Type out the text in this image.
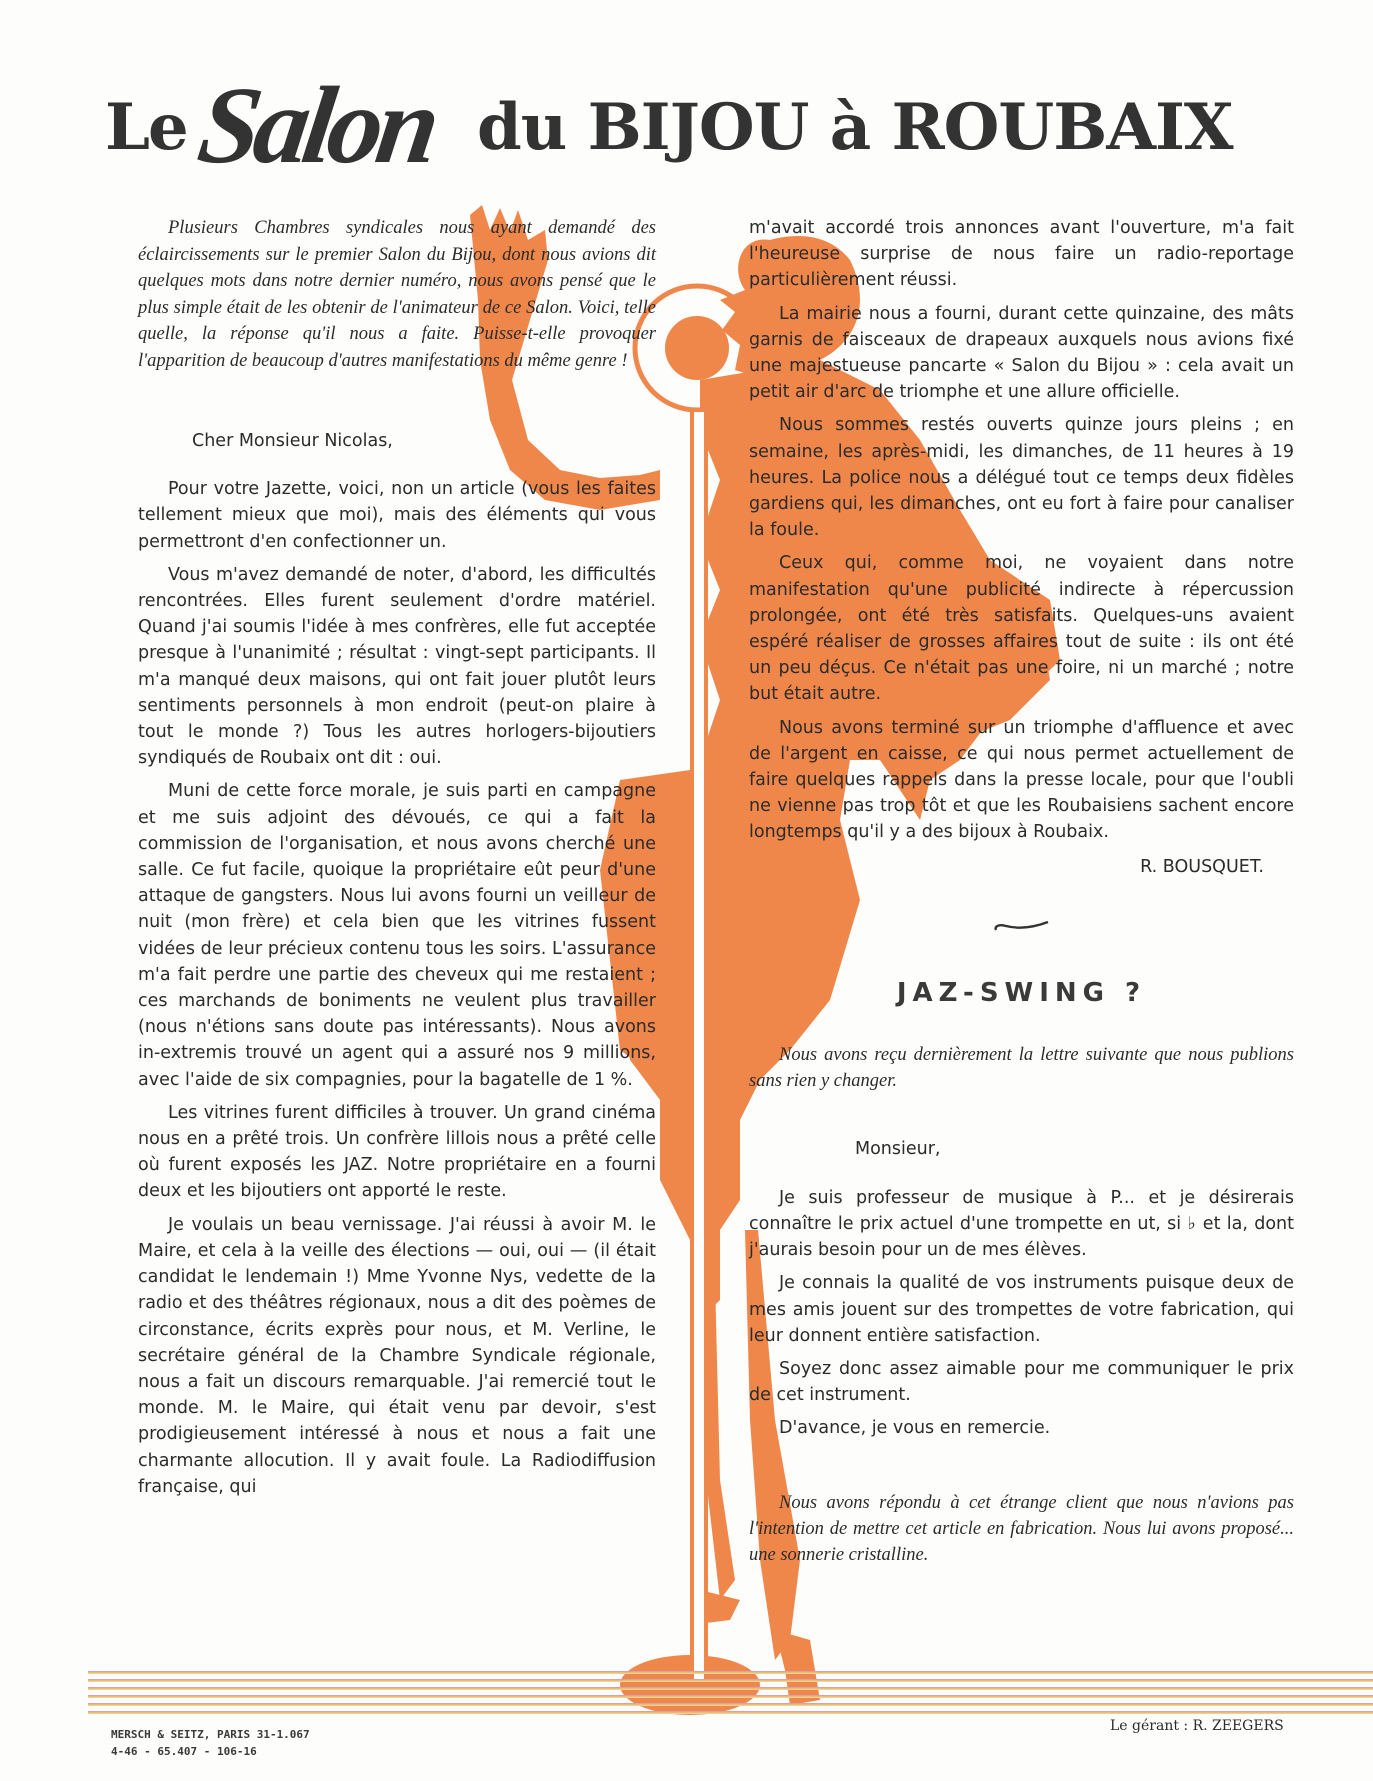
Le Salon du BIJOU à ROUBAIX

Plusieurs Chambres syndicales nous ayant demandé des éclaircissements sur le premier Salon du Bijou, dont nous avions dit quelques mots dans notre dernier numéro, nous avons pensé que le plus simple était de les obtenir de l'animateur de ce Salon. Voici, telle quelle, la réponse qu'il nous a faite. Puisse-t-elle provoquer l'apparition de beaucoup d'autres manifestations du même genre !

Cher Monsieur Nicolas,

Pour votre Jazette, voici, non un article (vous les faites tellement mieux que moi), mais des éléments qui vous permettront d'en confectionner un.

Vous m'avez demandé de noter, d'abord, les difficultés rencontrées. Elles furent seulement d'ordre matériel. Quand j'ai soumis l'idée à mes confrères, elle fut acceptée presque à l'unanimité ; résultat : vingt-sept participants. Il m'a manqué deux maisons, qui ont fait jouer plutôt leurs sentiments personnels à mon endroit (peut-on plaire à tout le monde ?) Tous les autres horlogers-bijoutiers syndiqués de Roubaix ont dit : oui.

Muni de cette force morale, je suis parti en campagne et me suis adjoint des dévoués, ce qui a fait la commission de l'organisation, et nous avons cherché une salle. Ce fut facile, quoique la propriétaire eût peur d'une attaque de gangsters. Nous lui avons fourni un veilleur de nuit (mon frère) et cela bien que les vitrines fussent vidées de leur précieux contenu tous les soirs. L'assurance m'a fait perdre une partie des cheveux qui me restaient ; ces marchands de boniments ne veulent plus travailler (nous n'étions sans doute pas intéressants). Nous avons in-extremis trouvé un agent qui a assuré nos 9 millions, avec l'aide de six compagnies, pour la bagatelle de 1 %.

Les vitrines furent difficiles à trouver. Un grand cinéma nous en a prêté trois. Un confrère lillois nous a prêté celle où furent exposés les JAZ. Notre propriétaire en a fourni deux et les bijoutiers ont apporté le reste.

Je voulais un beau vernissage. J'ai réussi à avoir M. le Maire, et cela à la veille des élections — oui, oui — (il était candidat le lendemain !) Mme Yvonne Nys, vedette de la radio et des théâtres régionaux, nous a dit des poèmes de circonstance, écrits exprès pour nous, et M. Verline, le secrétaire général de la Chambre Syndicale régionale, nous a fait un discours remarquable. J'ai remercié tout le monde. M. le Maire, qui était venu par devoir, s'est prodigieusement intéressé à nous et nous a fait une charmante allocution. Il y avait foule. La Radiodiffusion française, qui

m'avait accordé trois annonces avant l'ouverture, m'a fait l'heureuse surprise de nous faire un radio-reportage particulièrement réussi.

La mairie nous a fourni, durant cette quinzaine, des mâts garnis de faisceaux de drapeaux auxquels nous avions fixé une majestueuse pancarte « Salon du Bijou » : cela avait un petit air d'arc de triomphe et une allure officielle.

Nous sommes restés ouverts quinze jours pleins ; en semaine, les après-midi, les dimanches, de 11 heures à 19 heures. La police nous a délégué tout ce temps deux fidèles gardiens qui, les dimanches, ont eu fort à faire pour canaliser la foule.

Ceux qui, comme moi, ne voyaient dans notre manifestation qu'une publicité indirecte à répercussion prolongée, ont été très satisfaits. Quelques-uns avaient espéré réaliser de grosses affaires tout de suite : ils ont été un peu déçus. Ce n'était pas une foire, ni un marché ; notre but était autre.

Nous avons terminé sur un triomphe d'affluence et avec de l'argent en caisse, ce qui nous permet actuellement de faire quelques rappels dans la presse locale, pour que l'oubli ne vienne pas trop tôt et que les Roubaisiens sachent encore longtemps qu'il y a des bijoux à Roubaix.

R. BOUSQUET.

JAZ-SWING ?

Nous avons reçu dernièrement la lettre suivante que nous publions sans rien y changer.

Monsieur,

Je suis professeur de musique à P... et je désirerais connaître le prix actuel d'une trompette en ut, si ♭ et la, dont j'aurais besoin pour un de mes élèves.

Je connais la qualité de vos instruments puisque deux de mes amis jouent sur des trompettes de votre fabrication, qui leur donnent entière satisfaction.

Soyez donc assez aimable pour me communiquer le prix de cet instrument.

D'avance, je vous en remercie.

Nous avons répondu à cet étrange client que nous n'avions pas l'intention de mettre cet article en fabrication. Nous lui avons proposé... une sonnerie cristalline.

MERSCH & SEITZ, PARIS 31-1.067
4-46 - 65.407 - 106-16
Le gérant : R. ZEEGERS
